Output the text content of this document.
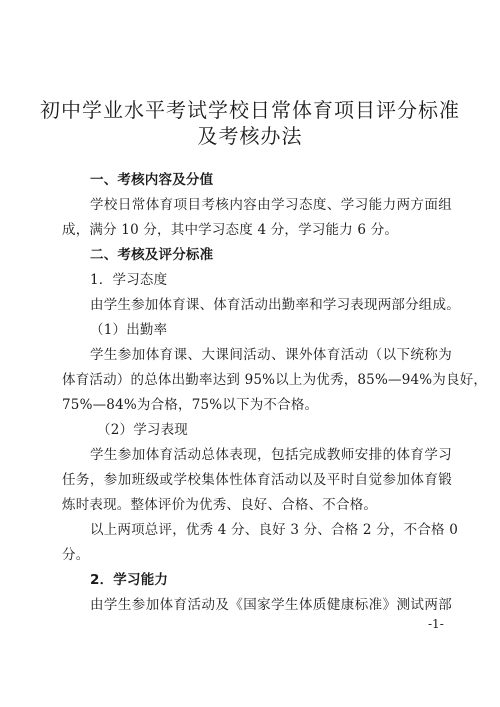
初中学业水平考试学校日常体育项目评分标准
及考核办法
一、考核内容及分值
学校日常体育项目考核内容由学习态度、学习能力两方面组
成，满分 10 分，其中学习态度 4 分，学习能力 6 分。
二、考核及评分标准
1．学习态度
由学生参加体育课、体育活动出勤率和学习表现两部分组成。
（1）出勤率
学生参加体育课、大课间活动、课外体育活动（以下统称为
体育活动）的总体出勤率达到 95%以上为优秀，85%—94%为良好，
75%—84%为合格，75%以下为不合格。
（2）学习表现
学生参加体育活动总体表现，包括完成教师安排的体育学习
任务，参加班级或学校集体性体育活动以及平时自觉参加体育锻
炼时表现。整体评价为优秀、良好、合格、不合格。
以上两项总评，优秀 4 分、良好 3 分、合格 2 分，不合格 0
分。
2．学习能力
由学生参加体育活动及《国家学生体质健康标准》测试两部
-1-
